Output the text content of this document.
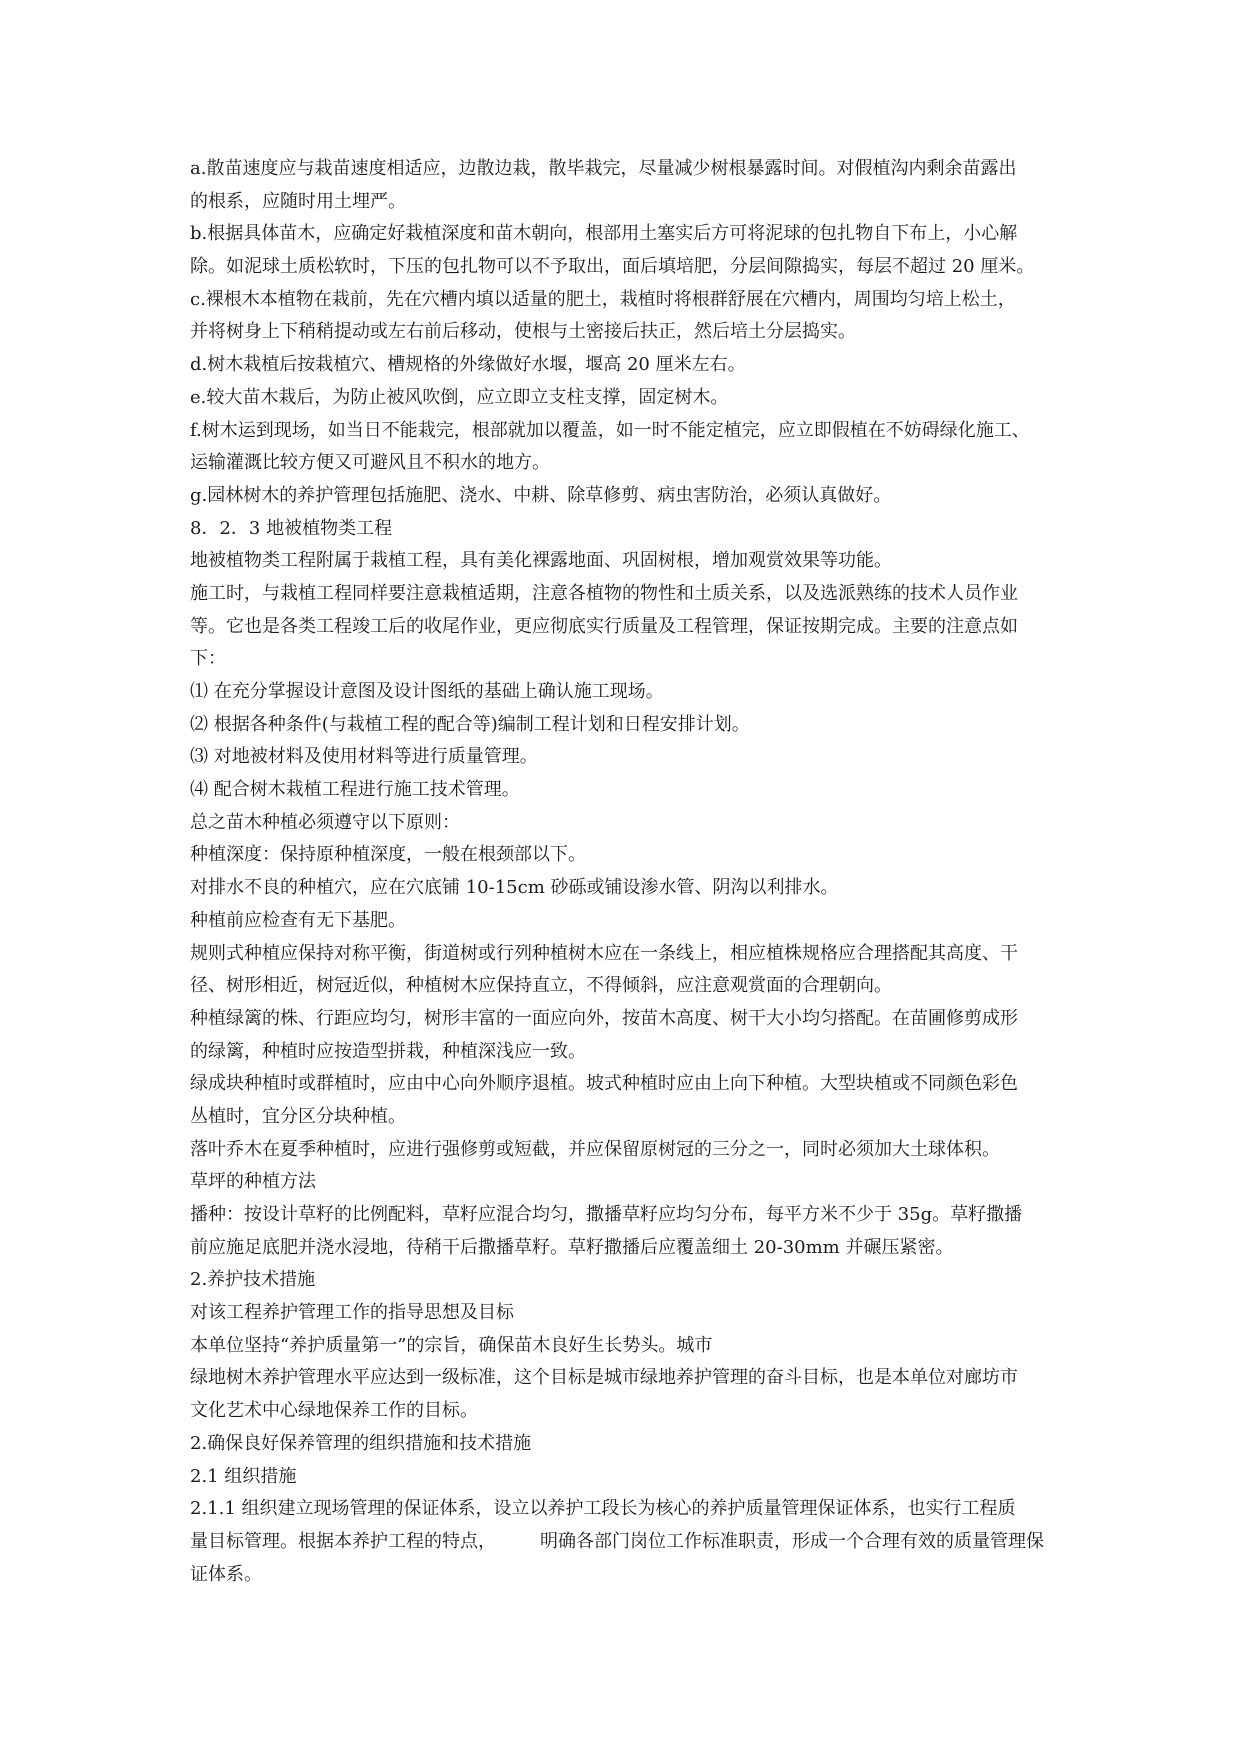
a.散苗速度应与栽苗速度相适应，边散边栽，散毕栽完，尽量减少树根暴露时间。对假植沟内剩余苗露出
的根系，应随时用土埋严。
b.根据具体苗木，应确定好栽植深度和苗木朝向，根部用土塞实后方可将泥球的包扎物自下布上，小心解
除。如泥球土质松软时，下压的包扎物可以不予取出，面后填培肥，分层间隙捣实，每层不超过 20 厘米。
c.裸根木本植物在栽前，先在穴槽内填以适量的肥土，栽植时将根群舒展在穴槽内，周围均匀培上松土，
并将树身上下稍稍提动或左右前后移动，使根与土密接后扶正，然后培土分层捣实。
d.树木栽植后按栽植穴、槽规格的外缘做好水堰，堰高 20 厘米左右。
e.较大苗木栽后，为防止被风吹倒，应立即立支柱支撑，固定树木。
f.树木运到现场，如当日不能栽完，根部就加以覆盖，如一时不能定植完，应立即假植在不妨碍绿化施工、
运输灌溉比较方便又可避风且不积水的地方。
g.园林树木的养护管理包括施肥、浇水、中耕、除草修剪、病虫害防治，必须认真做好。
8．2．3 地被植物类工程
地被植物类工程附属于栽植工程，具有美化裸露地面、巩固树根，增加观赏效果等功能。
施工时，与栽植工程同样要注意栽植适期，注意各植物的物性和土质关系，以及选派熟练的技术人员作业
等。它也是各类工程竣工后的收尾作业，更应彻底实行质量及工程管理，保证按期完成。主要的注意点如
下：
⑴ 在充分掌握设计意图及设计图纸的基础上确认施工现场。
⑵ 根据各种条件(与栽植工程的配合等)编制工程计划和日程安排计划。
⑶ 对地被材料及使用材料等进行质量管理。
⑷ 配合树木栽植工程进行施工技术管理。
总之苗木种植必须遵守以下原则：
种植深度：保持原种植深度，一般在根颈部以下。
对排水不良的种植穴，应在穴底铺 10-15cm 砂砾或铺设渗水管、阴沟以利排水。
种植前应检查有无下基肥。
规则式种植应保持对称平衡，街道树或行列种植树木应在一条线上，相应植株规格应合理搭配其高度、干
径、树形相近，树冠近似，种植树木应保持直立，不得倾斜，应注意观赏面的合理朝向。
种植绿篱的株、行距应均匀，树形丰富的一面应向外，按苗木高度、树干大小均匀搭配。在苗圃修剪成形
的绿篱，种植时应按造型拼栽，种植深浅应一致。
绿成块种植时或群植时，应由中心向外顺序退植。坡式种植时应由上向下种植。大型块植或不同颜色彩色
丛植时，宜分区分块种植。
落叶乔木在夏季种植时，应进行强修剪或短截，并应保留原树冠的三分之一，同时必须加大土球体积。
草坪的种植方法
播种：按设计草籽的比例配料，草籽应混合均匀，撒播草籽应均匀分布，每平方米不少于 35g。草籽撒播
前应施足底肥并浇水浸地，待稍干后撒播草籽。草籽撒播后应覆盖细土 20-30mm 并碾压紧密。
2.养护技术措施
对该工程养护管理工作的指导思想及目标
本单位坚持“养护质量第一”的宗旨，确保苗木良好生长势头。城市
绿地树木养护管理水平应达到一级标准，这个目标是城市绿地养护管理的奋斗目标，也是本单位对廊坊市
文化艺术中心绿地保养工作的目标。
2.确保良好保养管理的组织措施和技术措施
2.1 组织措施
2.1.1 组织建立现场管理的保证体系，设立以养护工段长为核心的养护质量管理保证体系，也实行工程质
量目标管理。根据本养护工程的特点， 明确各部门岗位工作标准职责，形成一个合理有效的质量管理保
证体系。
